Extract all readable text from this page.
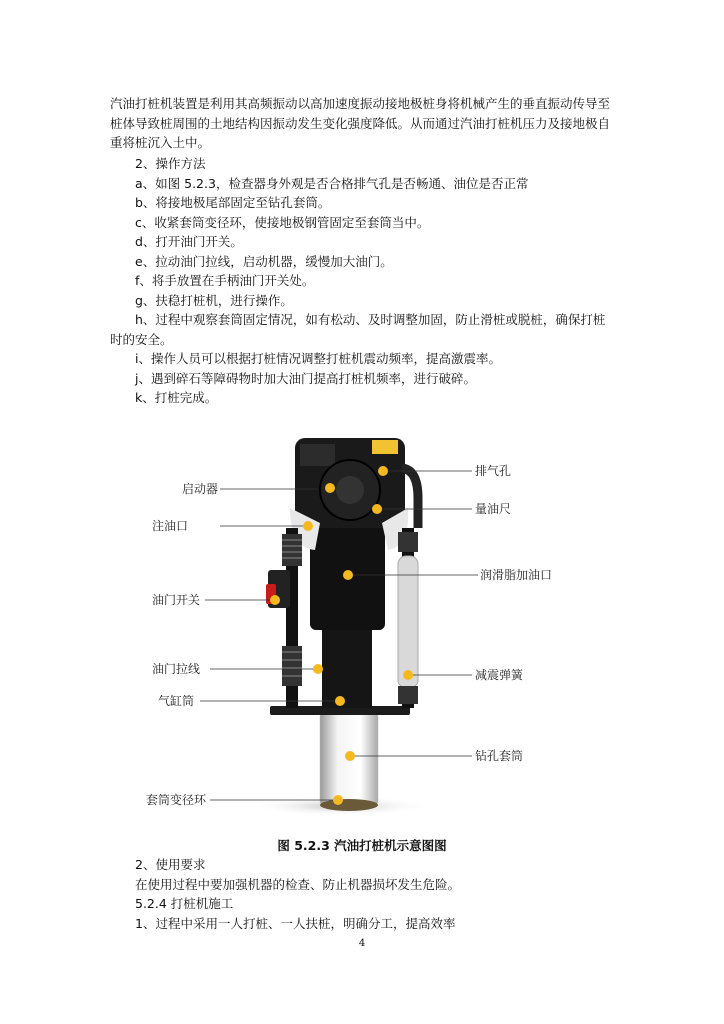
汽油打桩机装置是利用其高频振动以高加速度振动接地极桩身将机械产生的垂直振动传导至桩体导致桩周围的土地结构因振动发生变化强度降低。从而通过汽油打桩机压力及接地极自重将桩沉入土中。

2、操作方法

a、如图 5.2.3，检查器身外观是否合格排气孔是否畅通、油位是否正常

b、将接地极尾部固定至钻孔套筒。

c、收紧套筒变径环，使接地极钢管固定至套筒当中。

d、打开油门开关。

e、拉动油门拉线，启动机器，缓慢加大油门。

f、将手放置在手柄油门开关处。

g、扶稳打桩机，进行操作。

h、过程中观察套筒固定情况，如有松动、及时调整加固，防止滑桩或脱桩，确保打桩时的安全。

i、操作人员可以根据打桩情况调整打桩机震动频率，提高激震率。

j、遇到碎石等障碍物时加大油门提高打桩机频率，进行破碎。

k、打桩完成。

启动器
注油口
油门开关
油门拉线
气缸筒
套筒变径环
排气孔
量油尺
润滑脂加油口
减震弹簧
钻孔套筒
图 5.2.3 汽油打桩机示意图图

2、使用要求

在使用过程中要加强机器的检查、防止机器损坏发生危险。

5.2.4 打桩机施工

1、过程中采用一人打桩、一人扶桩，明确分工，提高效率

4
